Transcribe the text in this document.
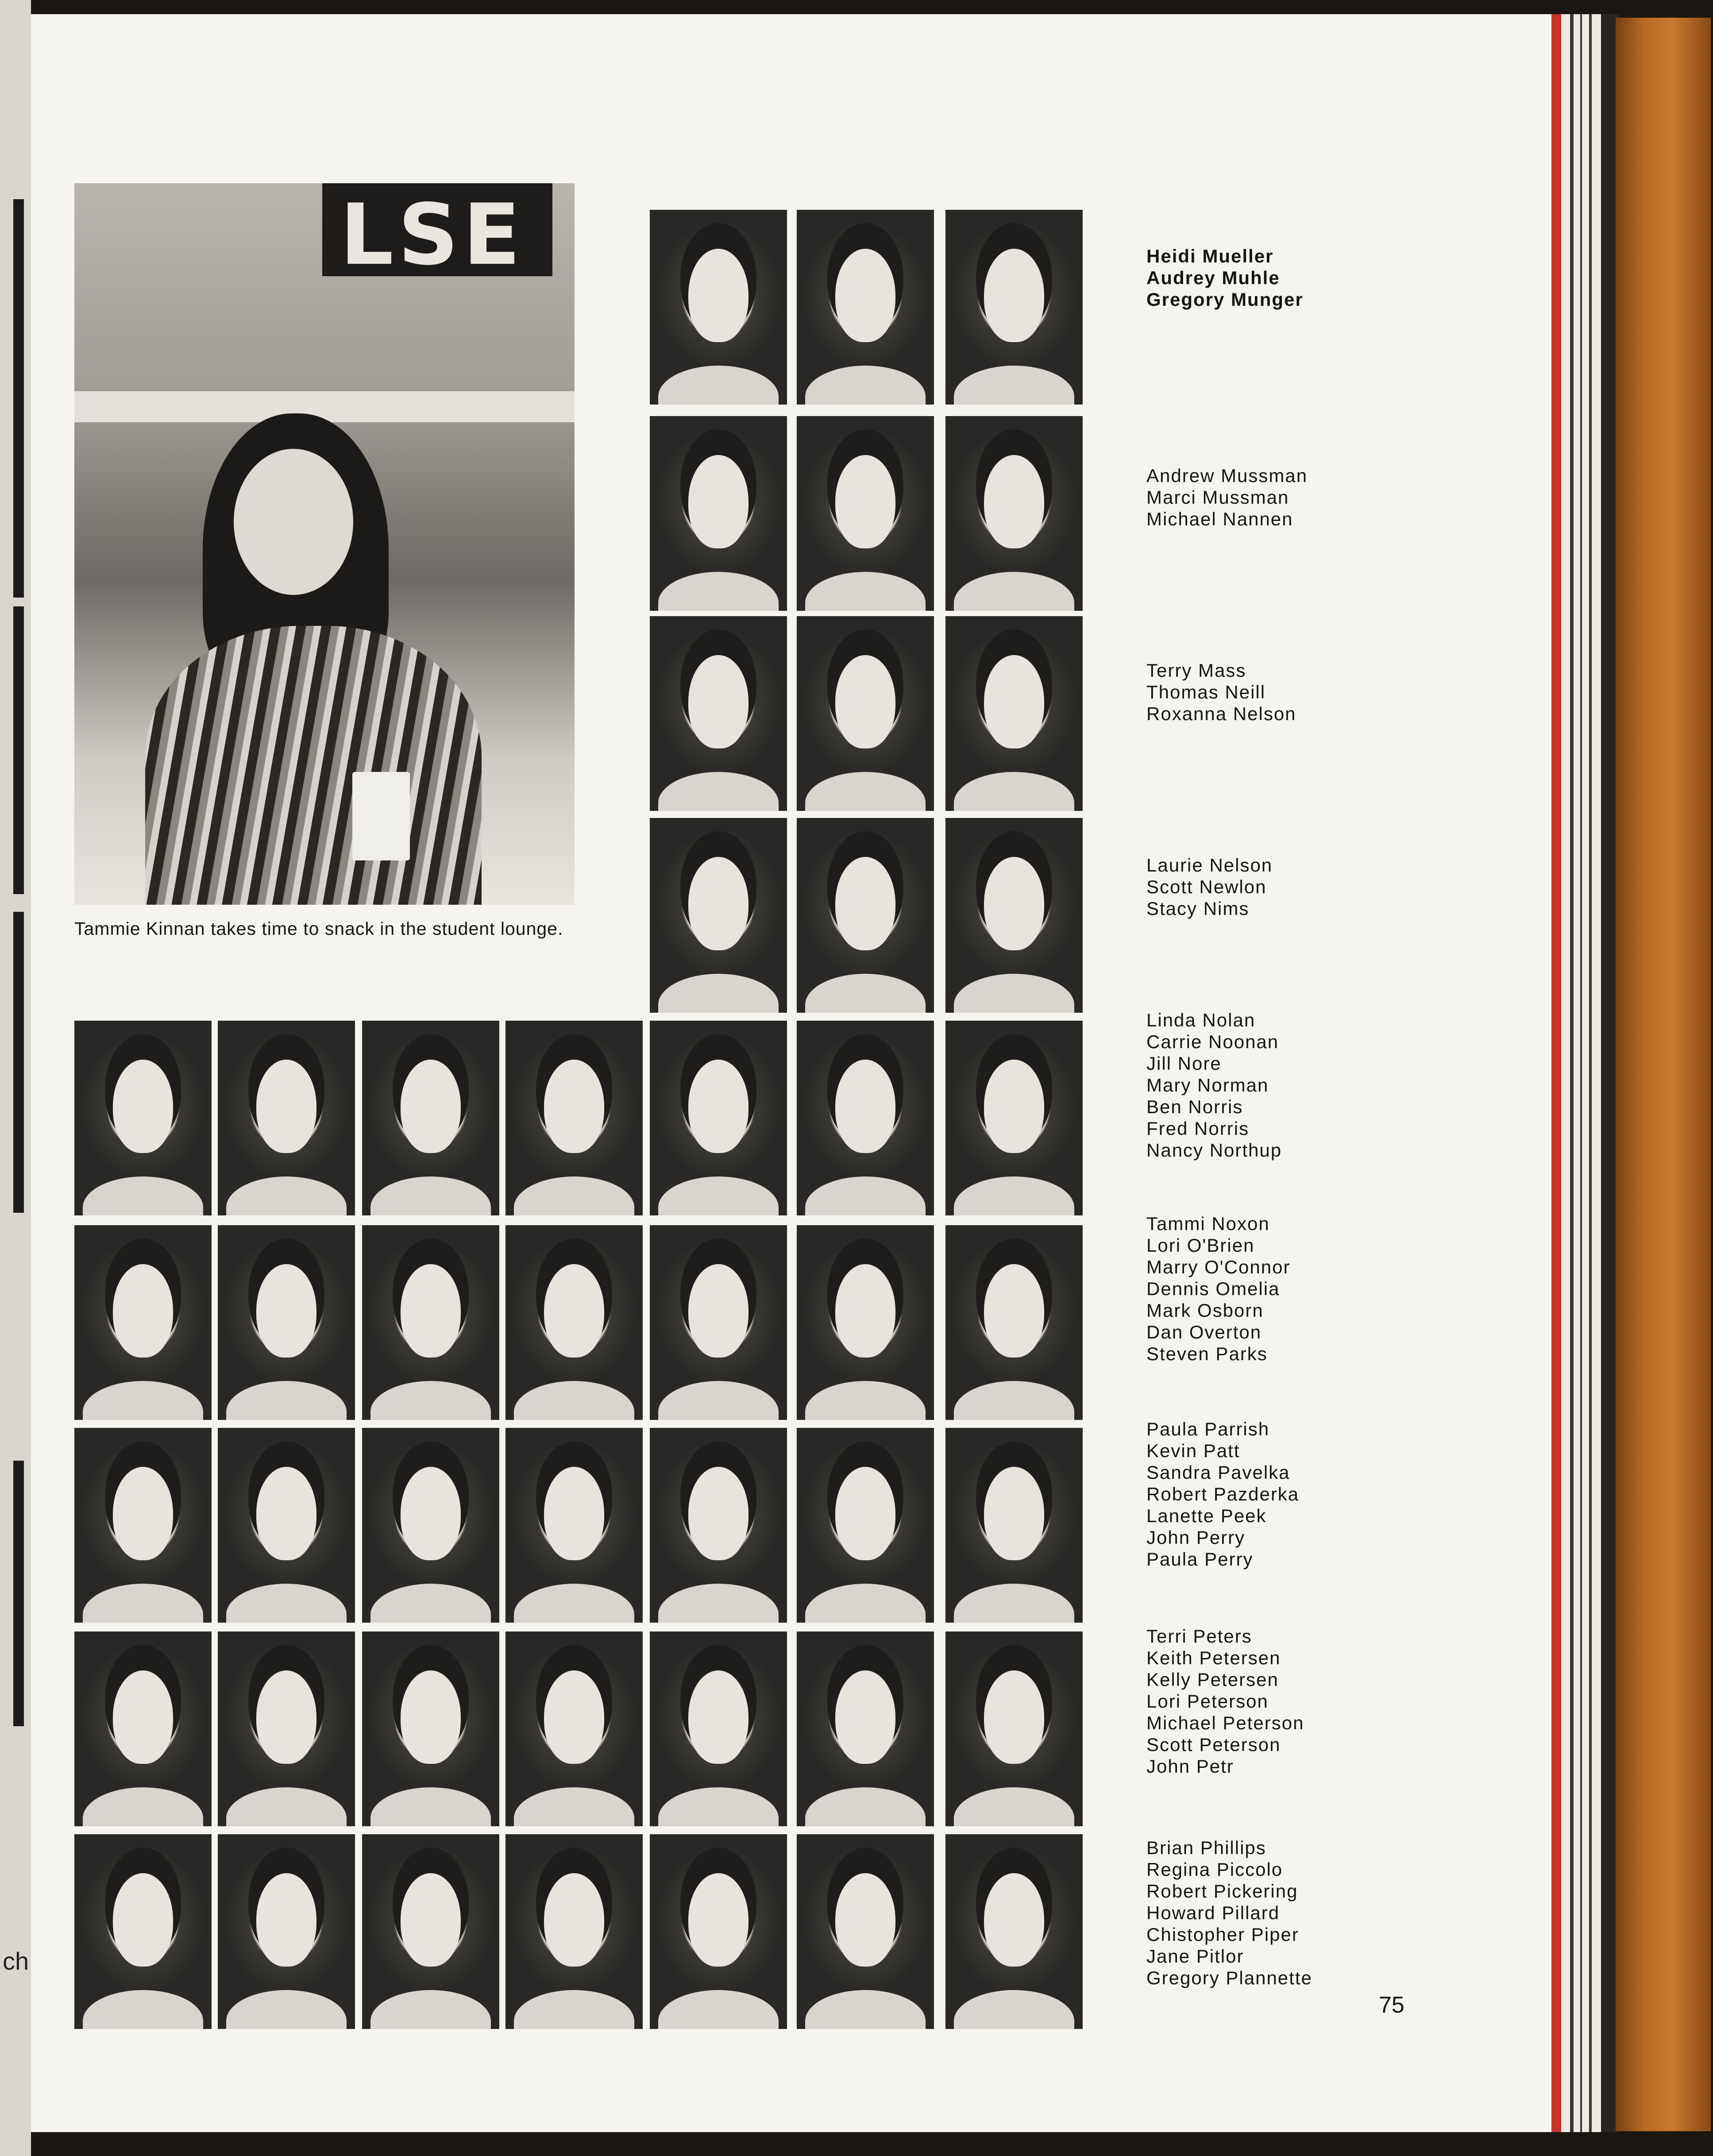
ch
LSE
Tammie Kinnan takes time to snack in the student lounge.
Heidi Mueller
Audrey Muhle
Gregory Munger
Andrew Mussman
Marci Mussman
Michael Nannen
Terry Mass
Thomas Neill
Roxanna Nelson
Laurie Nelson
Scott Newlon
Stacy Nims
Linda Nolan
Carrie Noonan
Jill Nore
Mary Norman
Ben Norris
Fred Norris
Nancy Northup
Tammi Noxon
Lori O'Brien
Marry O'Connor
Dennis Omelia
Mark Osborn
Dan Overton
Steven Parks
Paula Parrish
Kevin Patt
Sandra Pavelka
Robert Pazderka
Lanette Peek
John Perry
Paula Perry
Terri Peters
Keith Petersen
Kelly Petersen
Lori Peterson
Michael Peterson
Scott Peterson
John Petr
Brian Phillips
Regina Piccolo
Robert Pickering
Howard Pillard
Chistopher Piper
Jane Pitlor
Gregory Plannette
75
